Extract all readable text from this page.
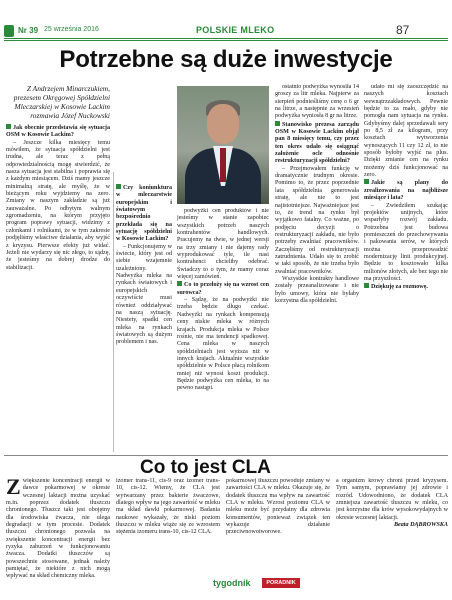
Nr 39 25 września 2016	POLSKIE MLEKO	87
Potrzebne są duże inwestycje
Z Andrzejem Minarczukiem, prezesem Okręgowej Spółdzielni Mleczarskiej w Kosowie Lackim rozmawia Józef Nuckowski

Jak obecnie przedstawia się sytuacja OSM w Kosowie Lackim?

– Jeszcze kilka miesięcy temu mówiłem, że sytuacja spółdzielni jest trudna, ale teraz z pełną odpowiedzialnością mogę stwierdzić, że nasza sytuacja jest stabilna i poprawia się z każdym miesiącem. Dziś mamy jeszcze minimalną stratę, ale myślę, że w bieżącym roku wyjdziemy na zero. Zmiany w naszym zakładzie są już zauważalne. Po odbytym walnym zgromadzeniu, na którym przyjęto program poprawy sytuacji, widzimy z członkami i rolnikami, że w tym zakresie podjęliśmy właściwe działania, aby wyjść z kryzysu. Pierwsze efekty już widać. Jeżeli nie wydarzy się nic złego, to sądzę, że jesteśmy na dobrej drodze do stabilizacji.

Czy koniunktura w mleczarstwie europejskim i światowym bezpośrednio przekłada się na sytuację spółdzielni w Kosowie Lackim?

– Funkcjonujemy w świecie, który jest od siebie wzajemnie uzależniony. Nadwyżka mleka na rynkach światowych i europejskich oczywiście musi również oddziaływać na naszą sytuację. Niestety, spadki cen mleka na rynkach światowych są dużym problemem i nas.

podwyżki cen produktów i nie jesteśmy w stanie zapobiec wszystkich potrzeb naszych kontrahentów handlowych. Pracujemy na dwie, w jednej wersji na trzy zmiany i nie dajemy rady wyprodukować tyle, ile nasi kontrahenci chcieliby odebrać. Świadczy to o tym, że mamy coraz więcej zamówień.

Co to przełoży się na wzrost cen surowca?

– Sądzę, że na podwyżki nie trzeba będzie długo czekać. Nadwyżki na rynkach kompensują ceny niskie mleka w różnych krajach. Produkcja mleka w Polsce rośnie, nie ma tendencji spadkowej. Cena mleka w naszych spółdzielniach jest wyższa niż w innych krajach. Aktualnie wszystkie spółdzielnie w Polsce płacą rolnikom mniej niż wynosi koszt produkcji. Będzie podwyżka cen mleka, to na pewno nastąpi.

ostatnio podwyżka wynosiła 14 groszy za litr mleka. Najpierw za sierpień podnieśliśmy cenę o 6 gr na litrze, a następnie za wrzesień podwyżka wyniosła 8 gr na litrze.

Stanowisko prezesa zarządu OSM w Kosowie Lackim objął pan 8 miesięcy temu, czy przez ten okres udało się osiągnąć założenie ocle odnośnie restrukturyzacji spółdzielni?

– Przejmowałem funkcję w dramatycznie trudnym okresie. Pomimo to, że przez poprzednie lata spółdzielnia generowała stratę, ale nie to jest najistotniejsze. Najważniejsze jest to, że trend na rynku był wyjątkowo fatalny. Co ważne, po podjęciu decyzji o restrukturyzacji zakładu, nie było potrzeby zwalniać pracowników. Zaczęliśmy od restrukturyzacji zatrudnienia. Udało się to zrobić w taki sposób, że nie trzeba było zwalniać pracowników.

Wszystkie kontrakty handlowe zostały przeanalizowane i nie było umowy, która nie byłaby korzystna dla spółdzielni.

udało mi się zaoszczędzić na naszych kosztach wewnątrzzakładowych. Pewnie będzie to za mało, gdyby nie pomogła nam sytuacja na rynku. Gdybyśmy dalej sprzedawali sery po 8,5 zł za kilogram, przy kosztach wytworzenia wynoszących 11 czy 12 zł, to nie sposób byłoby wyjść na plus. Dzięki zmianie cen na rynku możemy dziś funkcjonować na zero.

Jakie są plany do zrealizowania na najbliższe miesiące i lata?

– Zwiedziłem szukając projektów unijnych, które wsparłyby rozwój zakładu. Potrzebna jest budowa pomieszczeń do przechowywania i pakowania serów, w których można przeprowadzić modernizację linii produkcyjnej. Będzie to kosztowało kilka milionów złotych, ale bez tego nie ma przyszłości.

Dziękuję za rozmowę.

Co to jest CLA
Zwiększenie koncentracji energii w dawce pokarmowej w okresie wczesnej laktacji można uzyskać m.in. poprzez dodatek tłuszczu chronionego. Tłuszcz taki jest obojętny dla środowiska żwacza, nie ulega degradacji w tym procesie. Dodatek tłuszczu chronionego pozwala na zwiększenie koncentracji energii bez ryzyka zaburzeń w funkcjonowaniu żwacza. Dodatki tłuszczów są powszechnie stosowane, jednak należy pamiętać, że niektóre z nich mogą wpływać na skład chemiczny mleka.
izomer trans-11, cis-9 oraz izomer trans-10, cis-12. Wiemy, że CLA jest wytwarzany przez bakterie żwaczowe, dlatego wpływ na jego zawartość w mleku ma skład dawki pokarmowej. Badania naukowe wykazały, że niski poziom tłuszczu w mleku wiąże się ze wzrostem stężenia izomeru trans-10, cis-12 CLA.
pokarmowej tłuszczu powoduje zmiany w zawartości CLA w mleku. Okazuje się, że dodatek tłuszczu ma wpływ na zawartość CLA w mleku. Wzrost poziomu CLA w mleku może być przydatny dla zdrowia konsumentów, ponieważ związek ten wykazuje działanie przeciwnowotworowe.
a organizm krowy chroni przed kryzysem. Tym samym, poprawiamy jej zdrowie i rozród. Udowodniono, że dodatek CLA zmniejsza zawartość tłuszczu w mleku, co jest korzystne dla krów wysokowydajnych w okresie wczesnej laktacji.
Beata DĄBROWSKA
tygodnik	PORADNIK rolniczy
